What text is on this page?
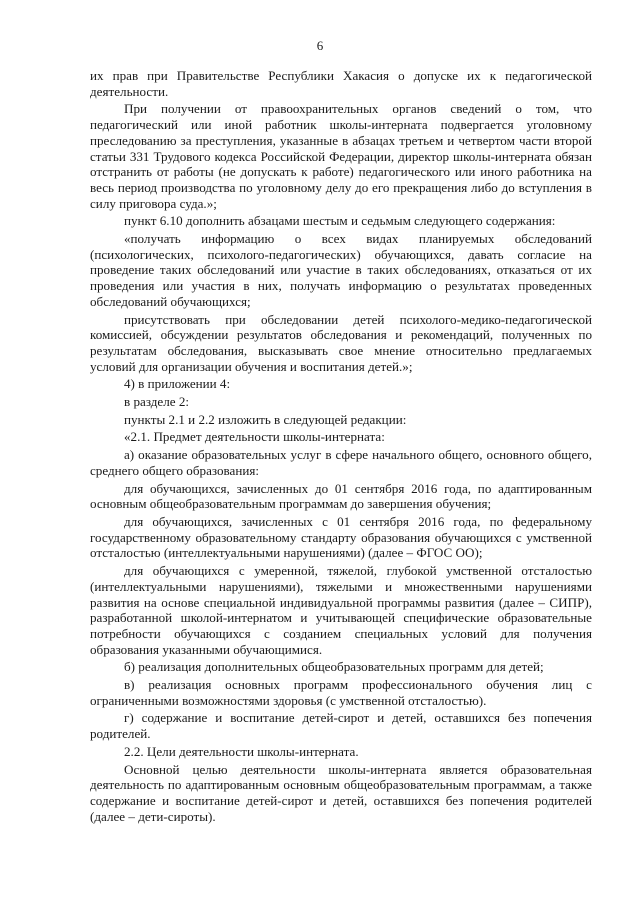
6

их прав при Правительстве Республики Хакасия о допуске их к педагогической деятельности.

При получении от правоохранительных органов сведений о том, что педагогический или иной работник школы-интерната подвергается уголовному преследованию за преступления, указанные в абзацах третьем и четвертом части второй статьи 331 Трудового кодекса Российской Федерации, директор школы-интерната обязан отстранить от работы (не допускать к работе) педагогического или иного работника на весь период производства по уголовному делу до его прекращения либо до вступления в силу приговора суда.»;

пункт 6.10 дополнить абзацами шестым и седьмым следующего содержания:

«получать информацию о всех видах планируемых обследований (психологических, психолого-педагогических) обучающихся, давать согласие на проведение таких обследований или участие в таких обследованиях, отказаться от их проведения или участия в них, получать информацию о результатах проведенных обследований обучающихся;

присутствовать при обследовании детей психолого-медико-педагогической комиссией, обсуждении результатов обследования и рекомендаций, полученных по результатам обследования, высказывать свое мнение относительно предлагаемых условий для организации обучения и воспитания детей.»;

4) в приложении 4:

в разделе 2:

пункты 2.1 и 2.2 изложить в следующей редакции:

«2.1. Предмет деятельности школы-интерната:

а) оказание образовательных услуг в сфере начального общего, основного общего, среднего общего образования:

для обучающихся, зачисленных до 01 сентября 2016 года, по адаптированным основным общеобразовательным программам до завершения обучения;

для обучающихся, зачисленных с 01 сентября 2016 года, по федеральному государственному образовательному стандарту образования обучающихся с умственной отсталостью (интеллектуальными нарушениями) (далее – ФГОС ОО);

для обучающихся с умеренной, тяжелой, глубокой умственной отсталостью (интеллектуальными нарушениями), тяжелыми и множественными нарушениями развития на основе специальной индивидуальной программы развития (далее – СИПР), разработанной школой-интернатом и учитывающей специфические образовательные потребности обучающихся с созданием специальных условий для получения образования указанными обучающимися.

б) реализация дополнительных общеобразовательных программ для детей;

в) реализация основных программ профессионального обучения лиц с ограниченными возможностями здоровья (с умственной отсталостью).

г) содержание и воспитание детей-сирот и детей, оставшихся без попечения родителей.

2.2. Цели деятельности школы-интерната.

Основной целью деятельности школы-интерната является образовательная деятельность по адаптированным основным общеобразовательным программам, а также содержание и воспитание детей-сирот и детей, оставшихся без попечения родителей (далее – дети-сироты).
